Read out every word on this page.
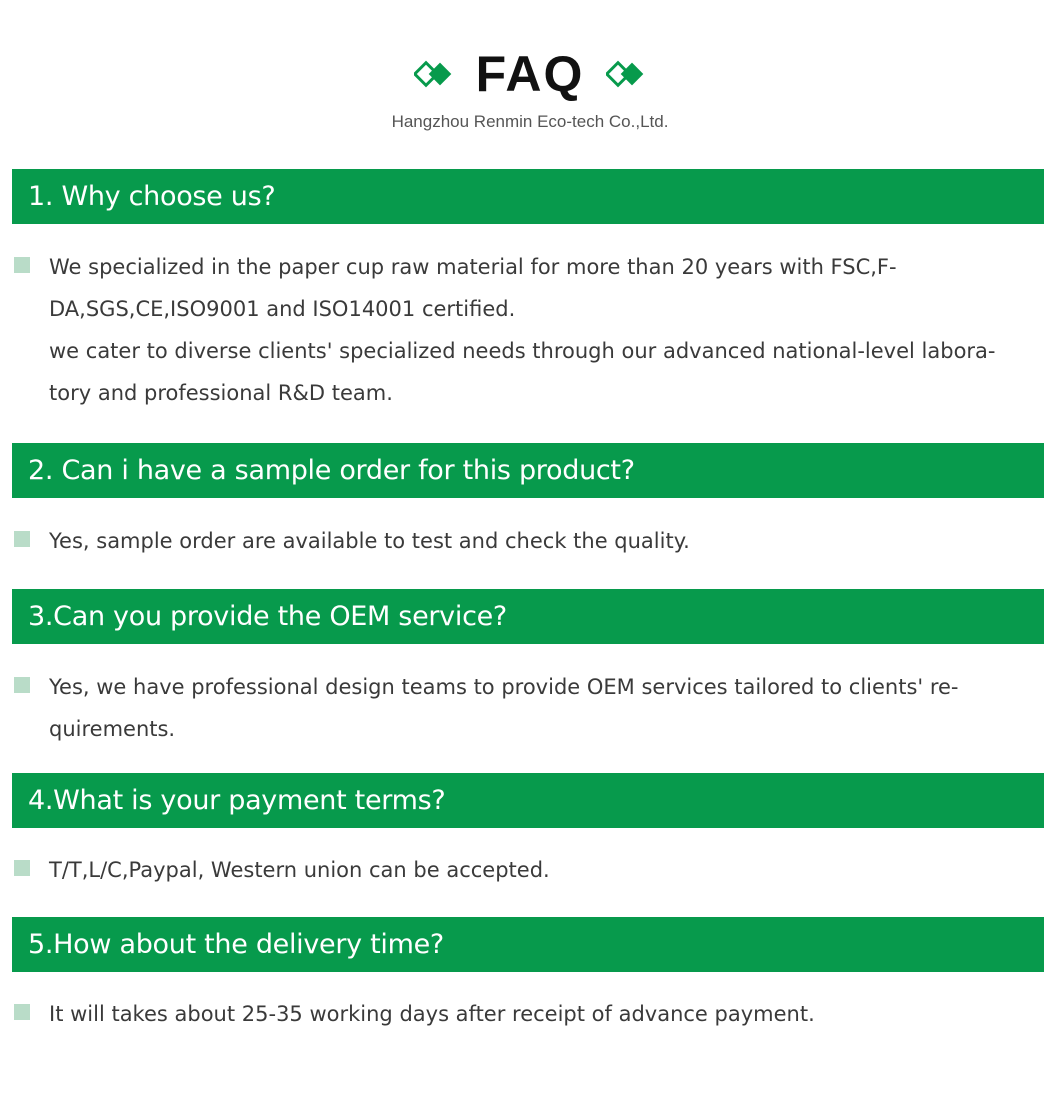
FAQ
Hangzhou Renmin Eco-tech Co.,Ltd.
1. Why choose us?

We specialized in the paper cup raw material for more than 20 years with FSC,F-

DA,SGS,CE,ISO9001 and ISO14001 certified.

we cater to diverse clients' specialized needs through our advanced national-level labora-

tory and professional R&D team.

2. Can i have a sample order for this product?

Yes, sample order are available to test and check the quality.

3.Can you provide the OEM service?

Yes, we have professional design teams to provide OEM services tailored to clients' re-

quirements.

4.What is your payment terms?

T/T,L/C,Paypal, Western union can be accepted.

5.How about the delivery time?

It will takes about 25-35 working days after receipt of advance payment.
